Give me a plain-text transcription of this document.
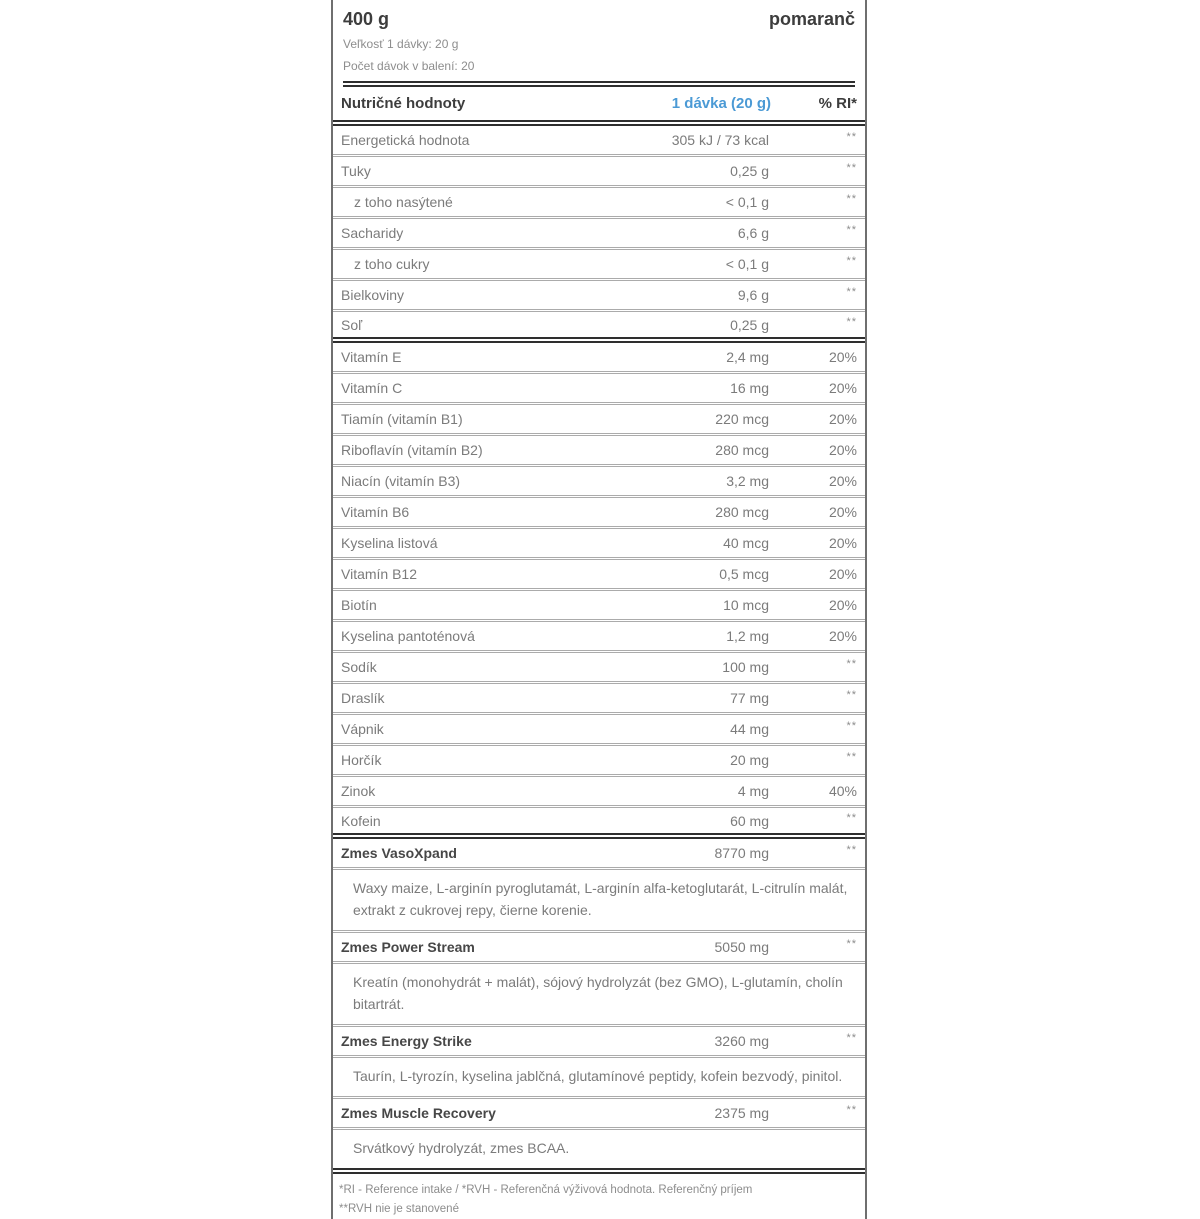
400 g	pomaranč
Veľkosť 1 dávky: 20 g
Počet dávok v balení: 20
Nutričné hodnoty	1 dávka (20 g)	% RI*
Energetická hodnota	305 kJ / 73 kcal	**
Tuky	0,25 g	**
z toho nasýtené	< 0,1 g	**
Sacharidy	6,6 g	**
z toho cukry	< 0,1 g	**
Bielkoviny	9,6 g	**
Soľ	0,25 g	**
Vitamín E	2,4 mg	20%
Vitamín C	16 mg	20%
Tiamín (vitamín B1)	220 mcg	20%
Riboflavín (vitamín B2)	280 mcg	20%
Niacín (vitamín B3)	3,2 mg	20%
Vitamín B6	280 mcg	20%
Kyselina listová	40 mcg	20%
Vitamín B12	0,5 mcg	20%
Biotín	10 mcg	20%
Kyselina pantoténová	1,2 mg	20%
Sodík	100 mg	**
Draslík	77 mg	**
Vápnik	44 mg	**
Horčík	20 mg	**
Zinok	4 mg	40%
Kofein	60 mg	**
Zmes VasoXpand	8770 mg	**
Waxy maize, L-arginín pyroglutamát, L-arginín alfa-ketoglutarát, L-citrulín malát, extrakt z cukrovej repy, čierne korenie.
Zmes Power Stream	5050 mg	**
Kreatín (monohydrát + malát), sójový hydrolyzát (bez GMO), L-glutamín, cholín bitartrát.
Zmes Energy Strike	3260 mg	**
Taurín, L-tyrozín, kyselina jablčná, glutamínové peptidy, kofein bezvodý, pinitol.
Zmes Muscle Recovery	2375 mg	**
Srvátkový hydrolyzát, zmes BCAA.
*RI - Reference intake / *RVH - Referenčná výživová hodnota. Referenčný príjem
**RVH nie je stanovené
